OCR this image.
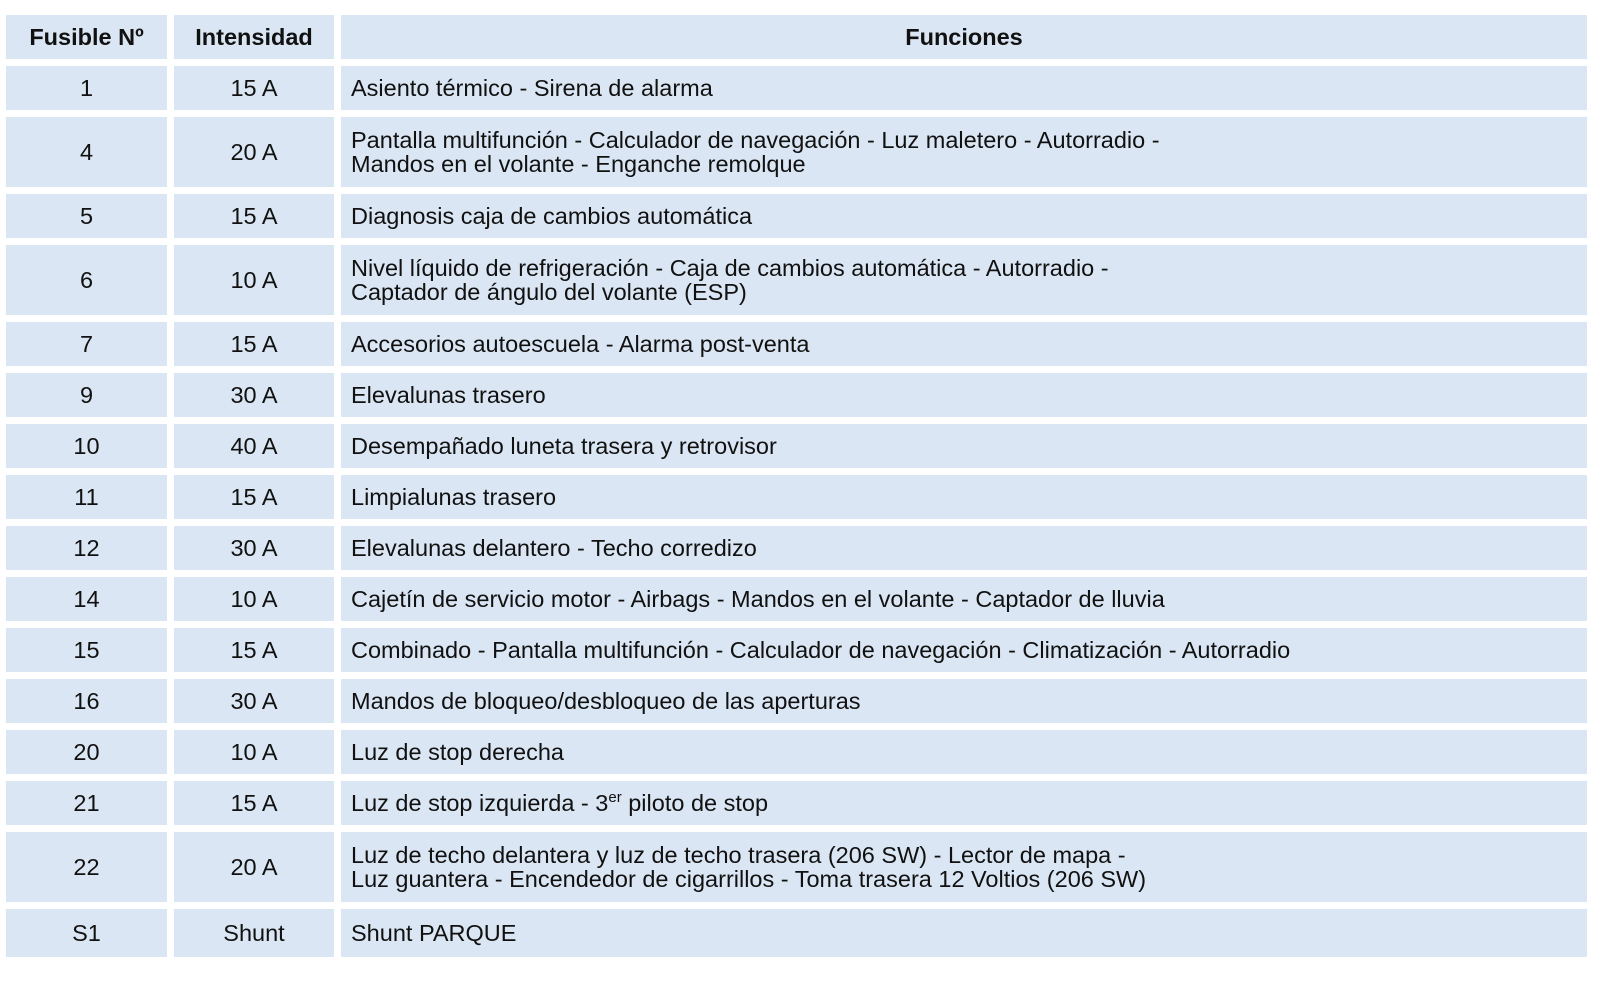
Fusible Nº	Intensidad	Funciones
1	15 A	Asiento térmico - Sirena de alarma
4	20 A	Pantalla multifunción - Calculador de navegación - Luz maletero - Autorradio -
Mandos en el volante - Enganche remolque
5	15 A	Diagnosis caja de cambios automática
6	10 A	Nivel líquido de refrigeración - Caja de cambios automática - Autorradio -
Captador de ángulo del volante (ESP)
7	15 A	Accesorios autoescuela - Alarma post-venta
9	30 A	Elevalunas trasero
10	40 A	Desempañado luneta trasera y retrovisor
11	15 A	Limpialunas trasero
12	30 A	Elevalunas delantero - Techo corredizo
14	10 A	Cajetín de servicio motor - Airbags - Mandos en el volante - Captador de lluvia
15	15 A	Combinado - Pantalla multifunción - Calculador de navegación - Climatización - Autorradio
16	30 A	Mandos de bloqueo/desbloqueo de las aperturas
20	10 A	Luz de stop derecha
21	15 A	Luz de stop izquierda - 3er piloto de stop
22	20 A	Luz de techo delantera y luz de techo trasera (206 SW) - Lector de mapa -
Luz guantera - Encendedor de cigarrillos - Toma trasera 12 Voltios (206 SW)
S1	Shunt	Shunt PARQUE
